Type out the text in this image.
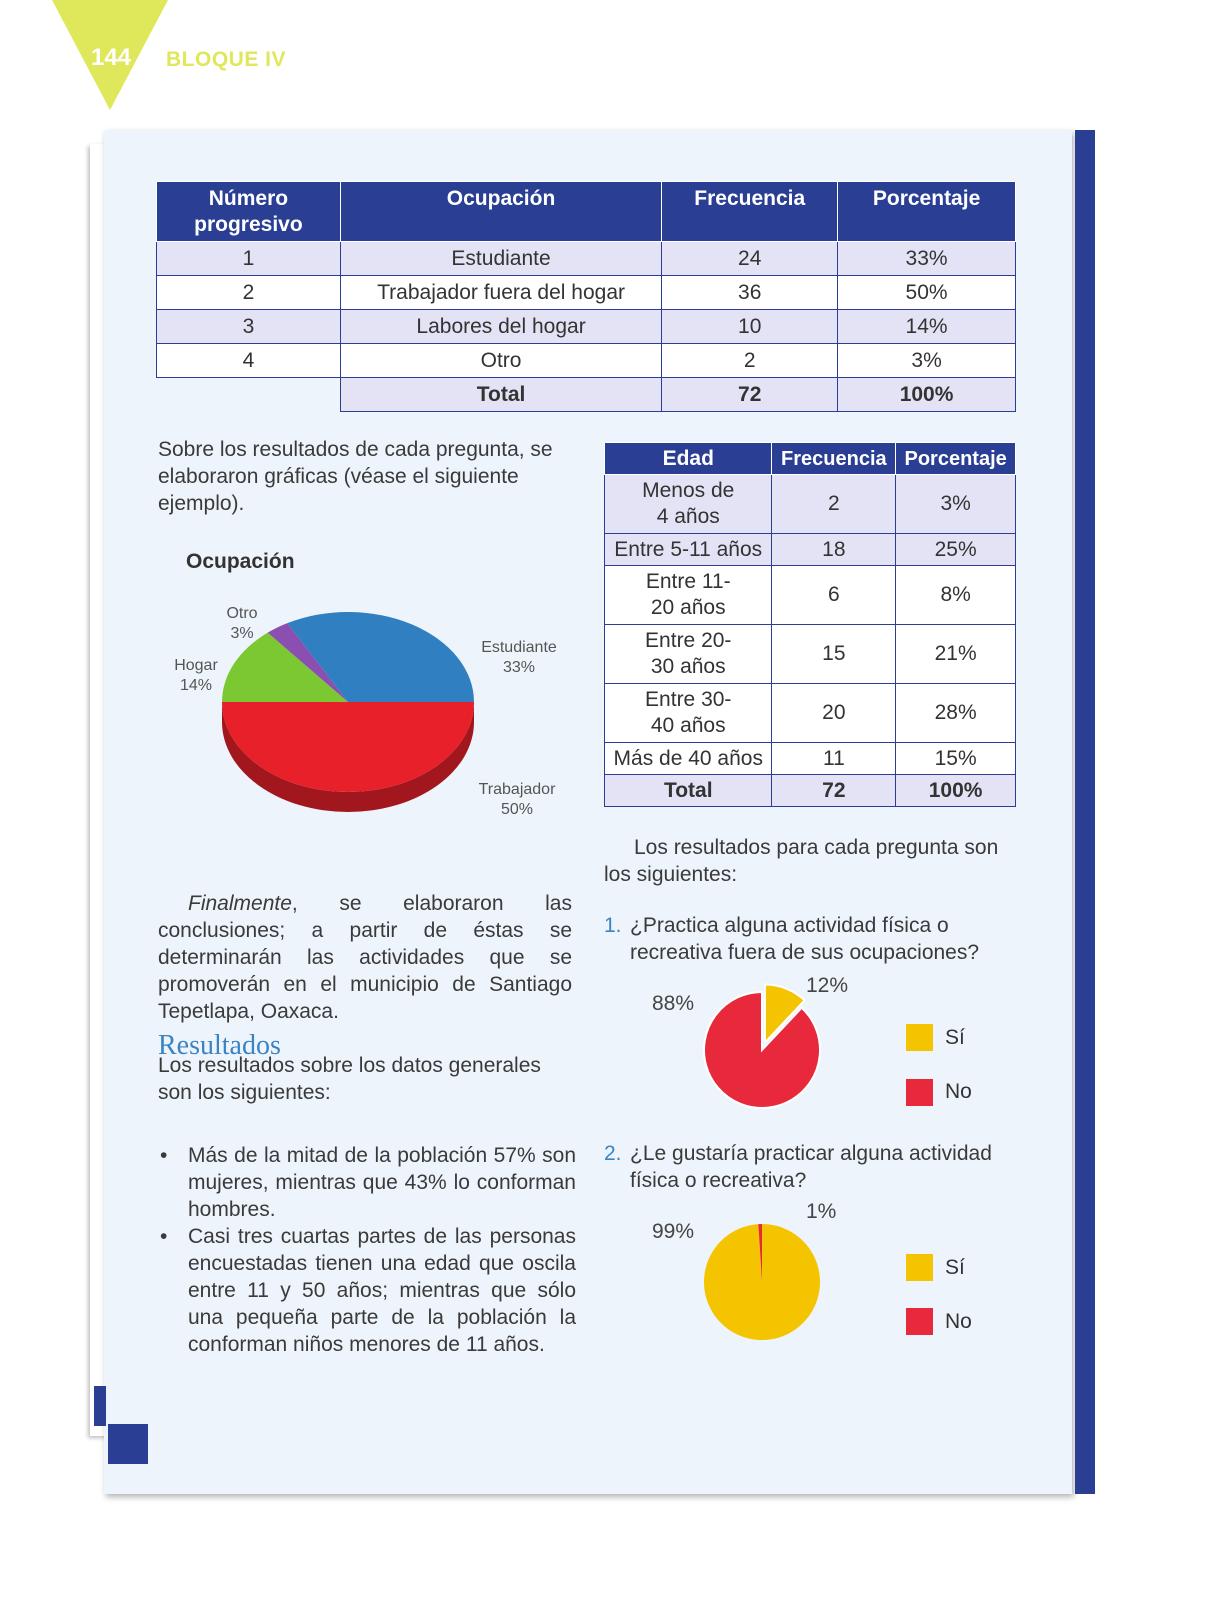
144 BLOQUE IV
Número progresivo	Ocupación	Frecuencia	Porcentaje
1	Estudiante	24	33%
2	Trabajador fuera del hogar	36	50%
3	Labores del hogar	10	14%
4	Otro	2	3%
	Total	72	100%
Sobre los resultados de cada pregunta, se elaboraron gráficas (véase el siguiente ejemplo).
Ocupación
Otro
3%
Hogar
14%
Estudiante
33%
Trabajador
50%
Finalmente, se elaboraron las conclusiones; a partir de éstas se determinarán las actividades que se promoverán en el municipio de Santiago Tepetlapa, Oaxaca.
Resultados
Los resultados sobre los datos generales son los siguientes:
• Más de la mitad de la población 57% son mujeres, mientras que 43% lo conforman hombres.
• Casi tres cuartas partes de las personas encuestadas tienen una edad que oscila entre 11 y 50 años; mientras que sólo una pequeña parte de la población la conforman niños menores de 11 años.
Edad	Frecuencia	Porcentaje
Menos de 4 años	2	3%
Entre 5-11 años	18	25%
Entre 11-20 años	6	8%
Entre 20-30 años	15	21%
Entre 30-40 años	20	28%
Más de 40 años	11	15%
Total	72	100%
Los resultados para cada pregunta son los siguientes:
1. ¿Practica alguna actividad física o recreativa fuera de sus ocupaciones?
88%
12%
Sí
No
2. ¿Le gustaría practicar alguna actividad física o recreativa?
99%
1%
Sí
No
